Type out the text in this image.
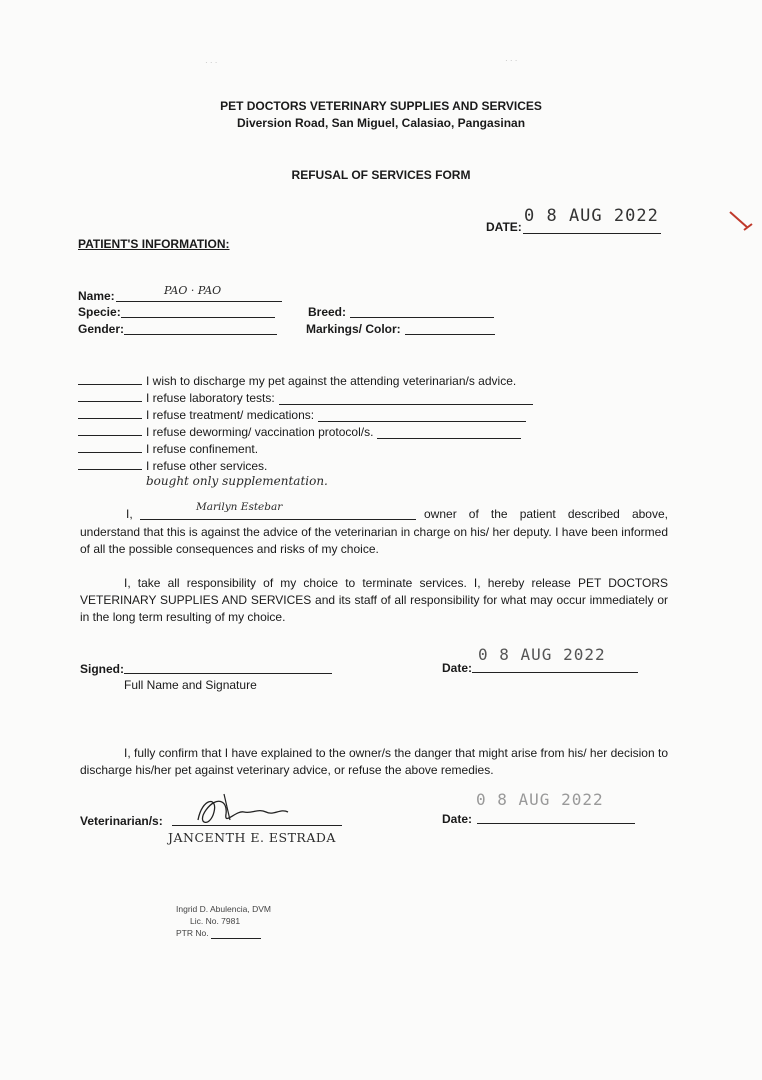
· · ·	· · ·
PET DOCTORS VETERINARY SUPPLIES AND SERVICES
Diversion Road, San Miguel, Calasiao, Pangasinan
REFUSAL OF SERVICES FORM
DATE:
0 8 AUG 2022
PATIENT'S INFORMATION:
Name:	PAO · PAO
Specie:
Gender:
Breed:
Markings/ Color:
I wish to discharge my pet against the attending veterinarian/s advice.
I refuse laboratory tests:
I refuse treatment/ medications:
I refuse deworming/ vaccination protocol/s.
I refuse confinement.
I refuse other services.
bought only supplementation.
I,	Marilyn Estebar	owner of the patient described above,
understand that this is against the advice of the veterinarian in charge on his/ her deputy. I have been informed of all the possible consequences and risks of my choice.
I, take all responsibility of my choice to terminate services. I, hereby release PET DOCTORS VETERINARY SUPPLIES AND SERVICES and its staff of all responsibility for what may occur immediately or in the long term resulting of my choice.
Signed:
Full Name and Signature
Date:
0 8 AUG 2022
I, fully confirm that I have explained to the owner/s the danger that might arise from his/ her decision to discharge his/her pet against veterinary advice, or refuse the above remedies.
Veterinarian/s:
JANCENTH E. ESTRADA
Date:
0 8 AUG 2022
Ingrid D. Abulencia, DVM
Lic. No. 7981
PTR No.
